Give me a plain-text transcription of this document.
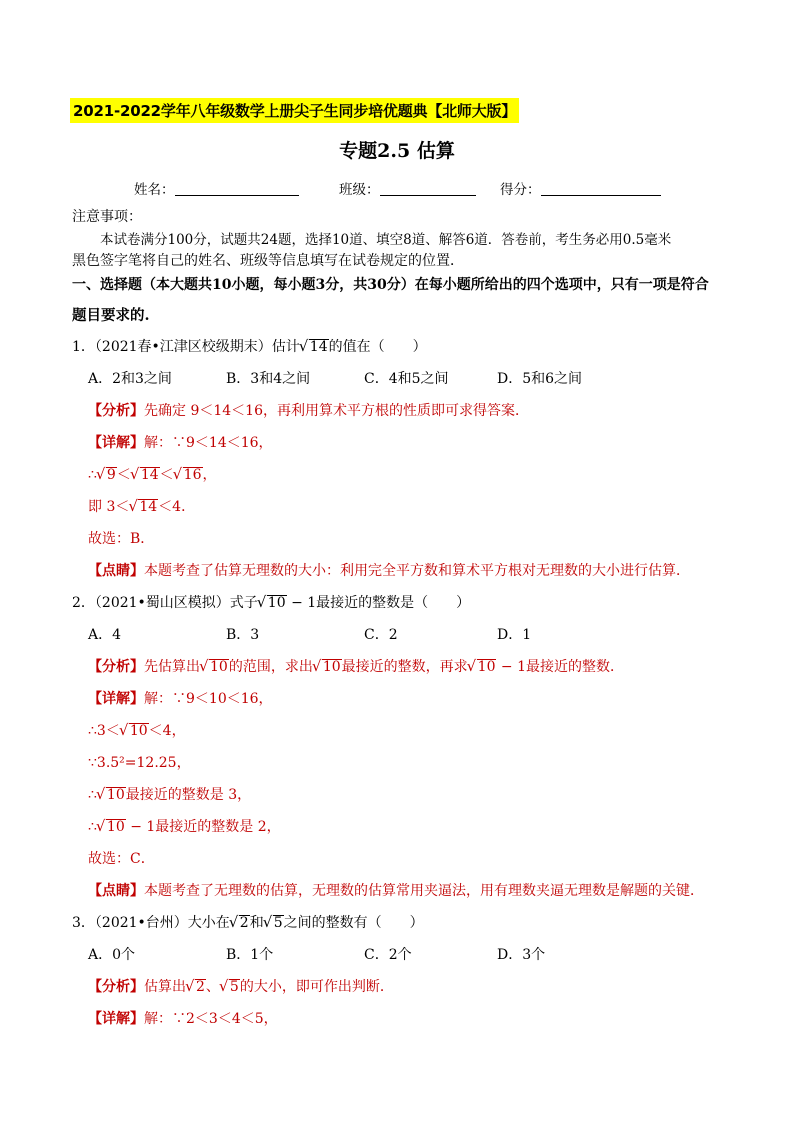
2021-2022学年八年级数学上册尖子生同步培优题典【北师大版】
专题2.5 估算
姓名：	班级：	得分：
注意事项：
本试卷满分100分，试题共24题，选择10道、填空8道、解答6道．答卷前，考生务必用0.5毫米
黑色签字笔将自己的姓名、班级等信息填写在试卷规定的位置．
一、选择题（本大题共10小题，每小题3分，共30分）在每小题所给出的四个选项中，只有一项是符合
题目要求的.
1．（2021春•江津区校级期末）估计 √ 14的值在（　　）
A．2和3之间	B．3和4之间	C．4和5之间	D．5和6之间
【分析】先确定 9＜14＜16，再利用算术平方根的性质即可求得答案．
【详解】解：∵9＜14＜16，
∴ √ 9＜ √ 14＜ √ 16，
即 3＜ √ 14＜4．
故选：B．
【点睛】本题考查了估算无理数的大小：利用完全平方数和算术平方根对无理数的大小进行估算．
2．（2021•蜀山区模拟）式子 √ 10 − 1最接近的整数是（　　）
A．4	B．3	C．2	D．1
【分析】先估算出 √ 10的范围，求出 √ 10最接近的整数，再求 √ 10 − 1最接近的整数．
【详解】解：∵9＜10＜16，
∴3＜ √ 10＜4，
∵3.5²=12.25，
∴ √ 10最接近的整数是 3，
∴ √ 10 − 1最接近的整数是 2，
故选：C．
【点睛】本题考查了无理数的估算，无理数的估算常用夹逼法，用有理数夹逼无理数是解题的关键．
3．（2021•台州）大小在 √ 2和 √ 5之间的整数有（　　）
A．0个	B．1个	C．2个	D．3个
【分析】估算出 √ 2、 √ 5的大小，即可作出判断．
【详解】解：∵2＜3＜4＜5，
